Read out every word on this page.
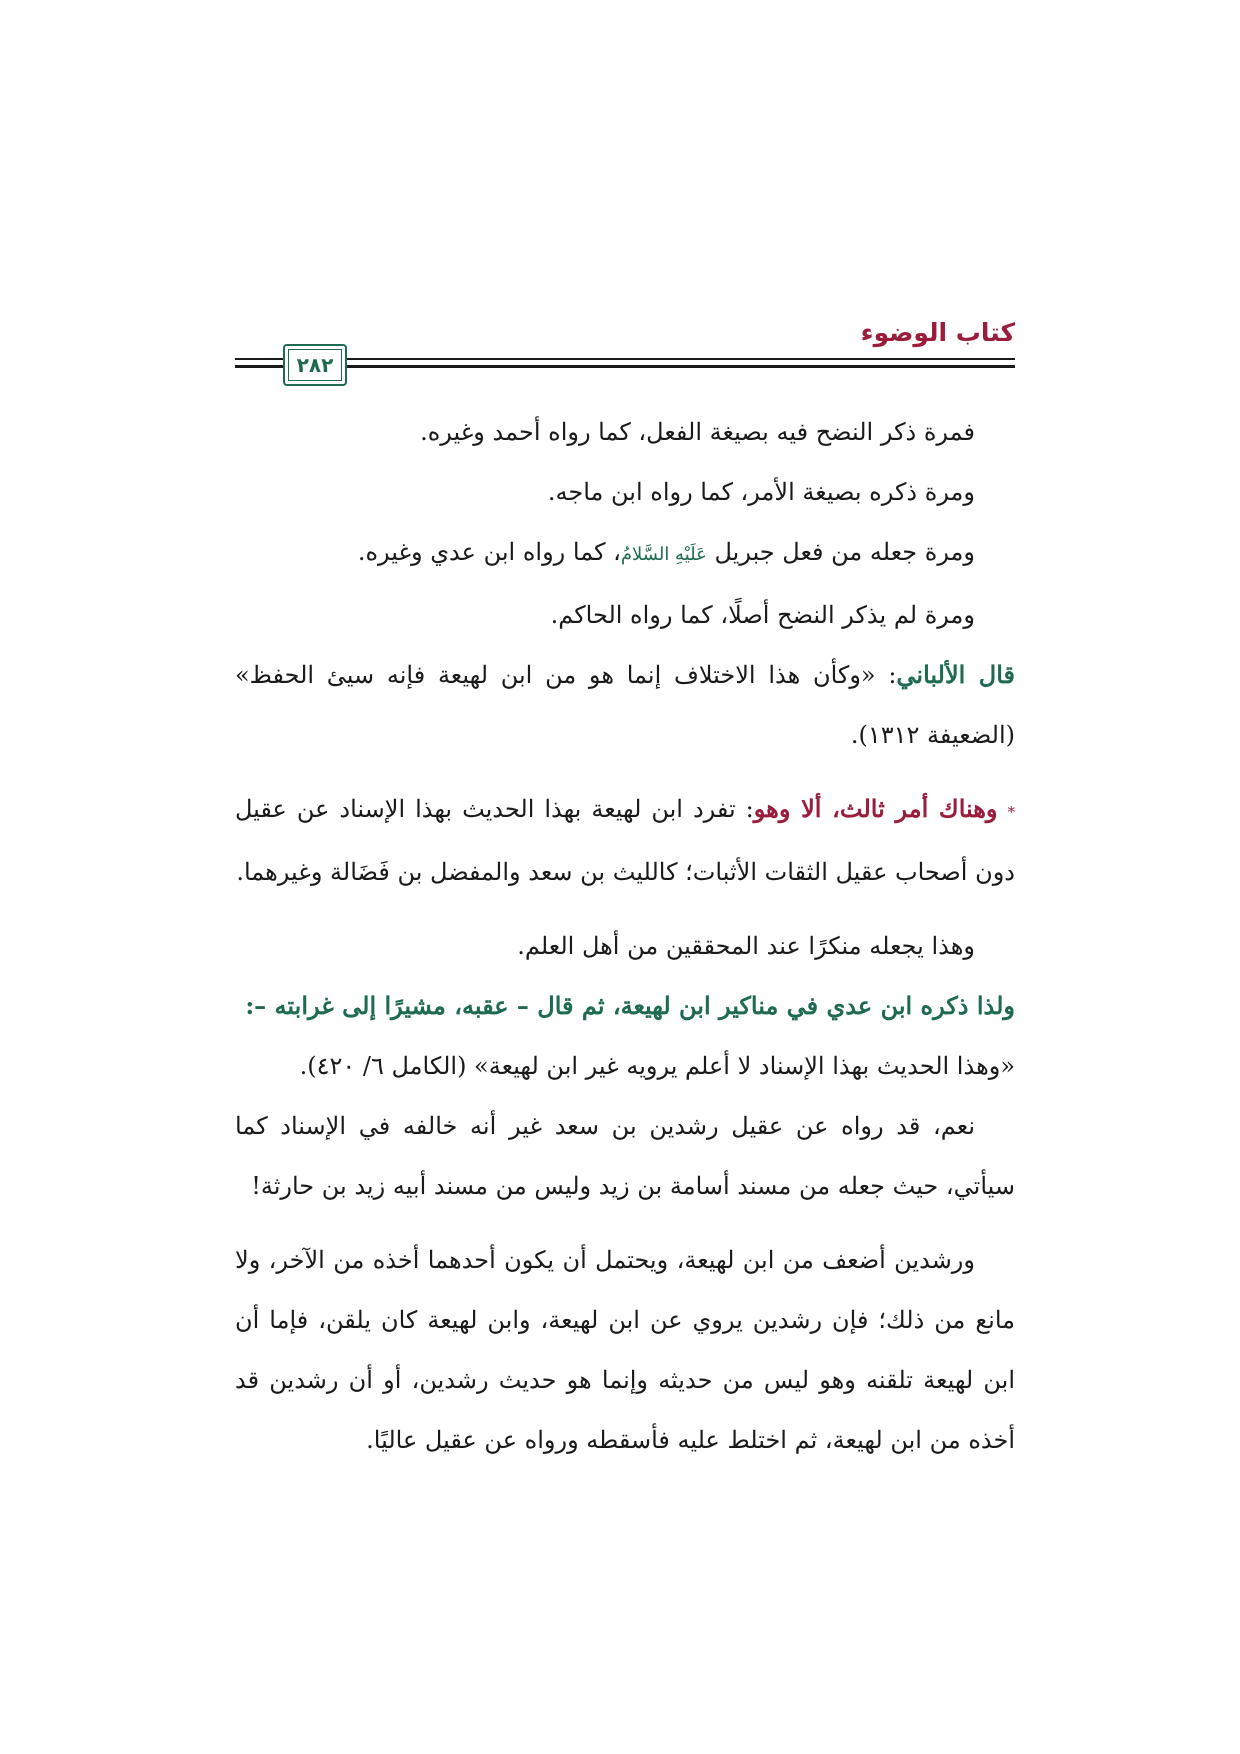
كتاب الوضوء
٢٨٢

فمرة ذكر النضح فيه بصيغة الفعل، كما رواه أحمد وغيره.

ومرة ذكره بصيغة الأمر، كما رواه ابن ماجه.

ومرة جعله من فعل جبريل عَلَيْهِ السَّلامُ، كما رواه ابن عدي وغيره.

ومرة لم يذكر النضح أصلًا، كما رواه الحاكم.

قال الألباني: «وكأن هذا الاختلاف إنما هو من ابن لهيعة فإنه سيئ الحفظ» (الضعيفة ١٣١٢).

* وهناك أمر ثالث، ألا وهو: تفرد ابن لهيعة بهذا الحديث بهذا الإسناد عن عقيل دون أصحاب عقيل الثقات الأثبات؛ كالليث بن سعد والمفضل بن فَضَالة وغيرهما.

وهذا يجعله منكرًا عند المحققين من أهل العلم.

ولذا ذكره ابن عدي في مناكير ابن لهيعة، ثم قال – عقبه، مشيرًا إلى غرابته –:

«وهذا الحديث بهذا الإسناد لا أعلم يرويه غير ابن لهيعة» (الكامل ٦/ ٤٢٠).

نعم، قد رواه عن عقيل رشدين بن سعد غير أنه خالفه في الإسناد كما سيأتي، حيث جعله من مسند أسامة بن زيد وليس من مسند أبيه زيد بن حارثة!

ورشدين أضعف من ابن لهيعة، ويحتمل أن يكون أحدهما أخذه من الآخر، ولا مانع من ذلك؛ فإن رشدين يروي عن ابن لهيعة، وابن لهيعة كان يلقن، فإما أن ابن لهيعة تلقنه وهو ليس من حديثه وإنما هو حديث رشدين، أو أن رشدين قد أخذه من ابن لهيعة، ثم اختلط عليه فأسقطه ورواه عن عقيل عاليًا.
